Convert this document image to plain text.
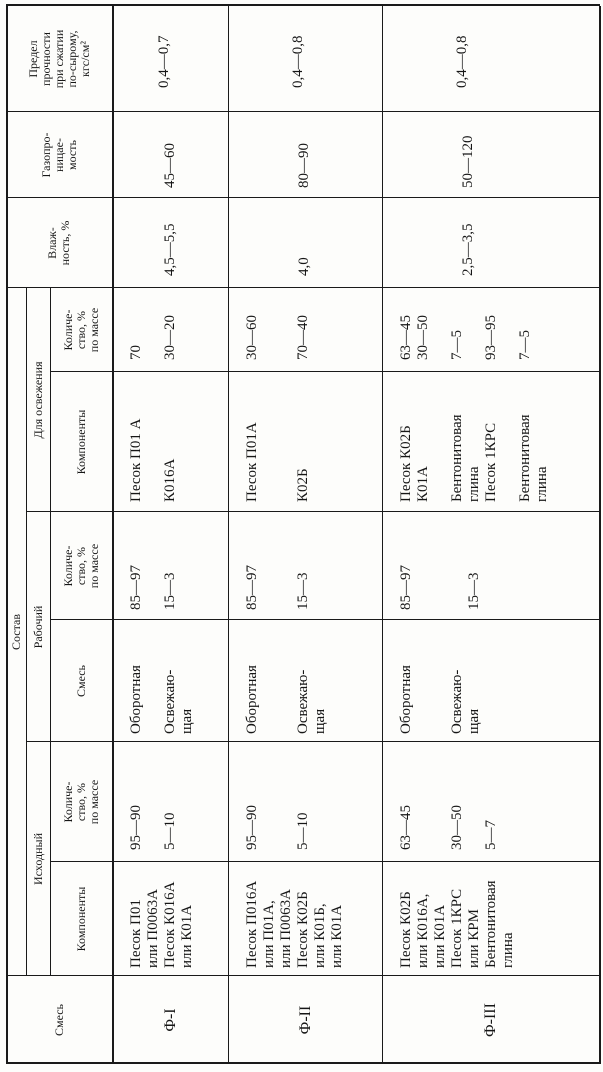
Смесь
Состав
Исходный
Рабочий
Для освежения
Компоненты
Количе-
ство, %
по массе
Смесь
Количе-
ство, %
по массе
Компоненты
Количе-
ство, %
по массе
Влаж-
ность, %
Газопро-
ницае-
мость
Предел
прочности
при сжатии
по-сырому,
кгс/см²
Ф-I
Песок П01
или П0063А
Песок К016А
или К01А
95—90

5—10
Оборотная

Освежаю-
щая
85—97

15—3
Песок П01 А

К016А
70

30—20
4,5—5,5
45—60
0,4—0,7
Ф-II
Песок П016А
или П01А,
или П0063А
Песок К02Б
или К01Б,
или К01А
95—90

5—10
Оборотная

Освежаю-
щая
85—97

15—3
Песок П01А

К02Б
30—60

70—40
4,0
80—90
0,4—0,8
Ф-III
Песок К02Б
или К016А,
или К01А
Песок 1КРС
или КРМ
Бентонитовая
глина
63—45

30—50

5—7
Оборотная

Освежаю-
щая
85—97

15—3
Песок К02Б
К01А

Бентонитовая
глина
Песок 1КРС

Бентонитовая
глина
63—45
30—50

7—5

93—95

7—5
2,5—3,5
50—120
0,4—0,8
